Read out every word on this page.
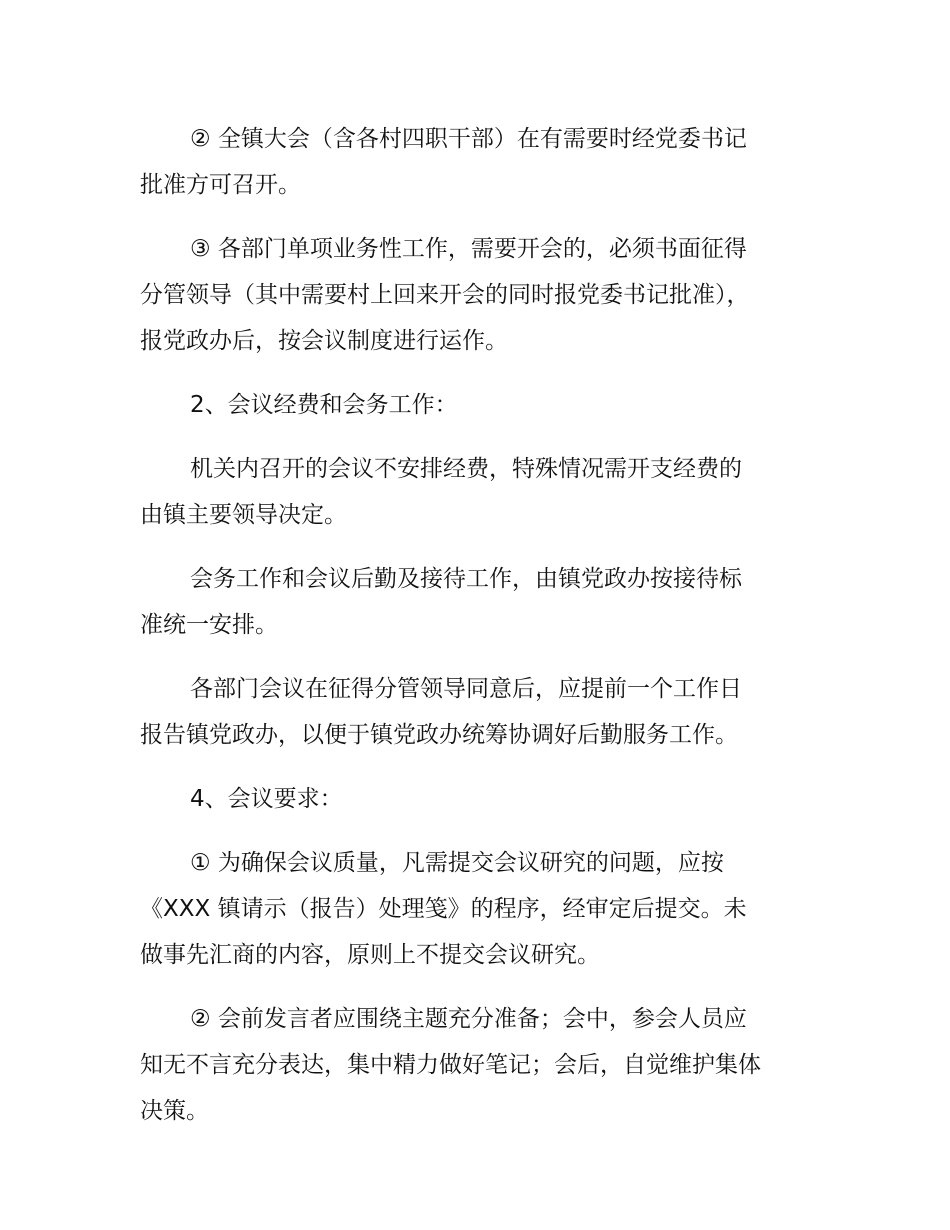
② 全镇大会（含各村四职干部）在有需要时经党委书记
批准方可召开。
③ 各部门单项业务性工作，需要开会的，必须书面征得
分管领导（其中需要村上回来开会的同时报党委书记批准），
报党政办后，按会议制度进行运作。
2、会议经费和会务工作：
机关内召开的会议不安排经费，特殊情况需开支经费的
由镇主要领导决定。
会务工作和会议后勤及接待工作，由镇党政办按接待标
准统一安排。
各部门会议在征得分管领导同意后，应提前一个工作日
报告镇党政办，以便于镇党政办统筹协调好后勤服务工作。
4、会议要求：
① 为确保会议质量，凡需提交会议研究的问题，应按
《XXX 镇请示（报告）处理笺》的程序，经审定后提交。未
做事先汇商的内容，原则上不提交会议研究。
② 会前发言者应围绕主题充分准备；会中，参会人员应
知无不言充分表达，集中精力做好笔记；会后，自觉维护集体
决策。
